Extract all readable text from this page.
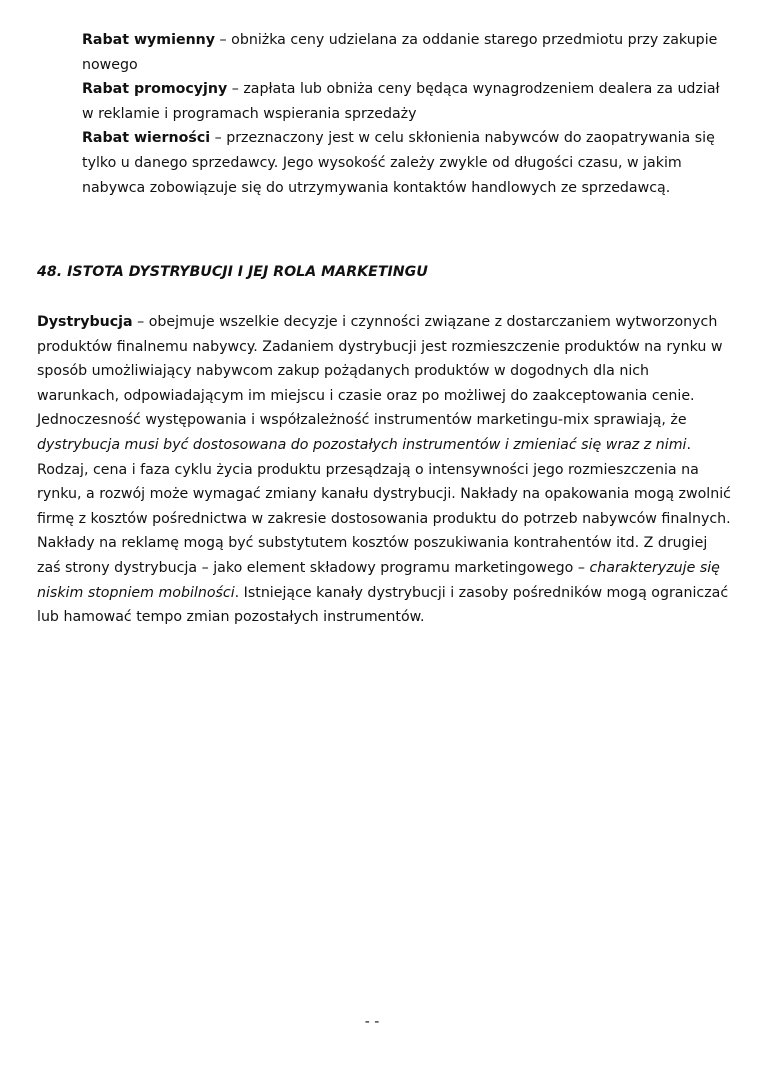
Rabat wymienny – obniżka ceny udzielana za oddanie starego przedmiotu przy zakupie nowego

Rabat promocyjny – zapłata lub obniża ceny będąca wynagrodzeniem dealera za udział w reklamie i programach wspierania sprzedaży

Rabat wierności – przeznaczony jest w celu skłonienia nabywców do zaopatrywania się tylko u danego sprzedawcy. Jego wysokość zależy zwykle od długości czasu, w jakim nabywca zobowiązuje się do utrzymywania kontaktów handlowych ze sprzedawcą.

48. ISTOTA DYSTRYBUCJI I JEJ ROLA MARKETINGU

Dystrybucja – obejmuje wszelkie decyzje i czynności związane z dostarczaniem wytworzonych produktów finalnemu nabywcy. Zadaniem dystrybucji jest rozmieszczenie produktów na rynku w sposób umożliwiający nabywcom zakup pożądanych produktów w dogodnych dla nich warunkach, odpowiadającym im miejscu i czasie oraz po możliwej do zaakceptowania cenie. Jednoczesność występowania i współzależność instrumentów marketingu-mix sprawiają, że dystrybucja musi być dostosowana do pozostałych instrumentów i zmieniać się wraz z nimi. Rodzaj, cena i faza cyklu życia produktu przesądzają o intensywności jego rozmieszczenia na rynku, a rozwój może wymagać zmiany kanału dystrybucji. Nakłady na opakowania mogą zwolnić firmę z kosztów pośrednictwa w zakresie dostosowania produktu do potrzeb nabywców finalnych. Nakłady na reklamę mogą być substytutem kosztów poszukiwania kontrahentów itd. Z drugiej zaś strony dystrybucja – jako element składowy programu marketingowego – charakteryzuje się niskim stopniem mobilności. Istniejące kanały dystrybucji i zasoby pośredników mogą ograniczać lub hamować tempo zmian pozostałych instrumentów.

- -
